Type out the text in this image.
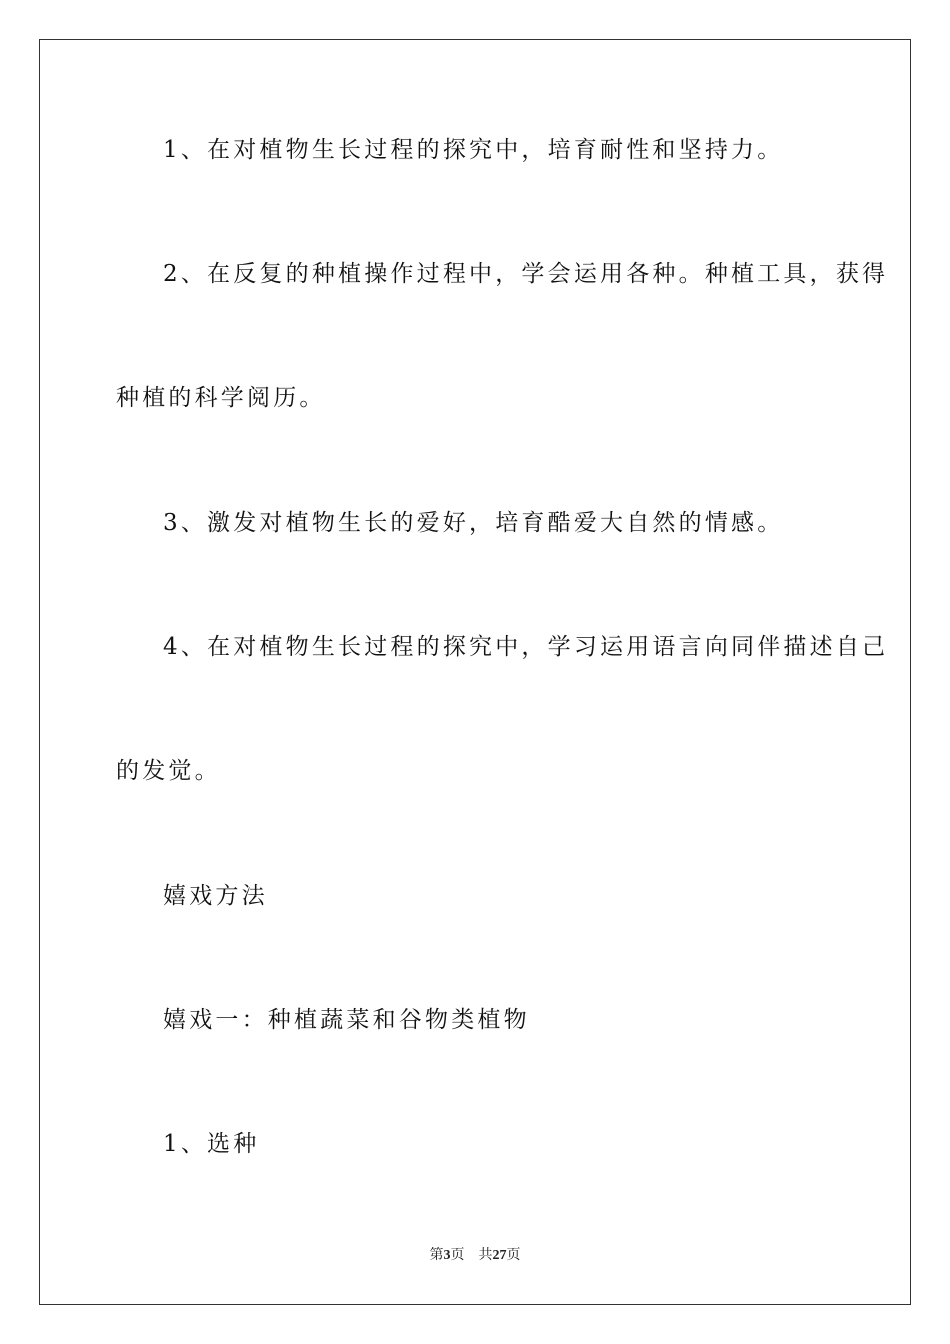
1、在对植物生长过程的探究中，培育耐性和坚持力。
2、在反复的种植操作过程中，学会运用各种。种植工具，获得
种植的科学阅历。
3、激发对植物生长的爱好，培育酷爱大自然的情感。
4、在对植物生长过程的探究中，学习运用语言向同伴描述自己
的发觉。
嬉戏方法
嬉戏一：种植蔬菜和谷物类植物
1、选种
第3页 共27页
